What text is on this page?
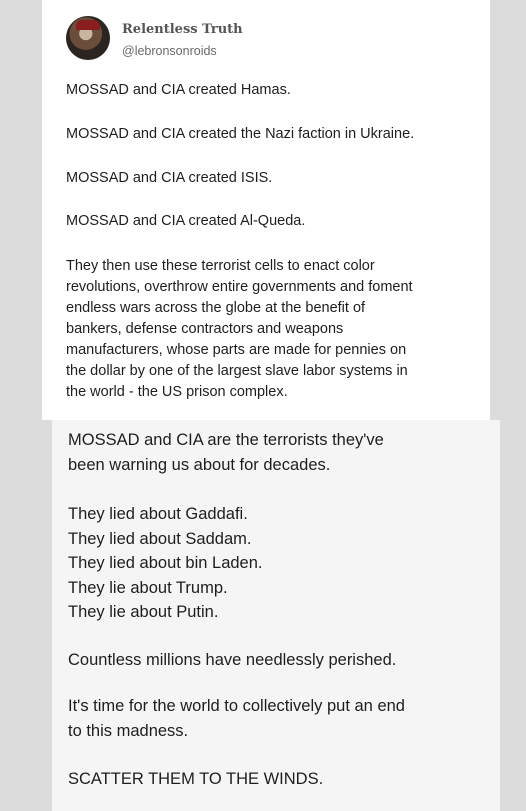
Relentless Truth
@lebronsonroids
MOSSAD and CIA created Hamas.
MOSSAD and CIA created the Nazi faction in Ukraine.
MOSSAD and CIA created ISIS.
MOSSAD and CIA created Al-Queda.
They then use these terrorist cells to enact color
revolutions, overthrow entire governments and foment
endless wars across the globe at the benefit of
bankers, defense contractors and weapons
manufacturers, whose parts are made for pennies on
the dollar by one of the largest slave labor systems in
the world - the US prison complex.
MOSSAD and CIA are the terrorists they've
been warning us about for decades.
They lied about Gaddafi.
They lied about Saddam.
They lied about bin Laden.
They lie about Trump.
They lie about Putin.
Countless millions have needlessly perished.
It's time for the world to collectively put an end
to this madness.
SCATTER THEM TO THE WINDS.
